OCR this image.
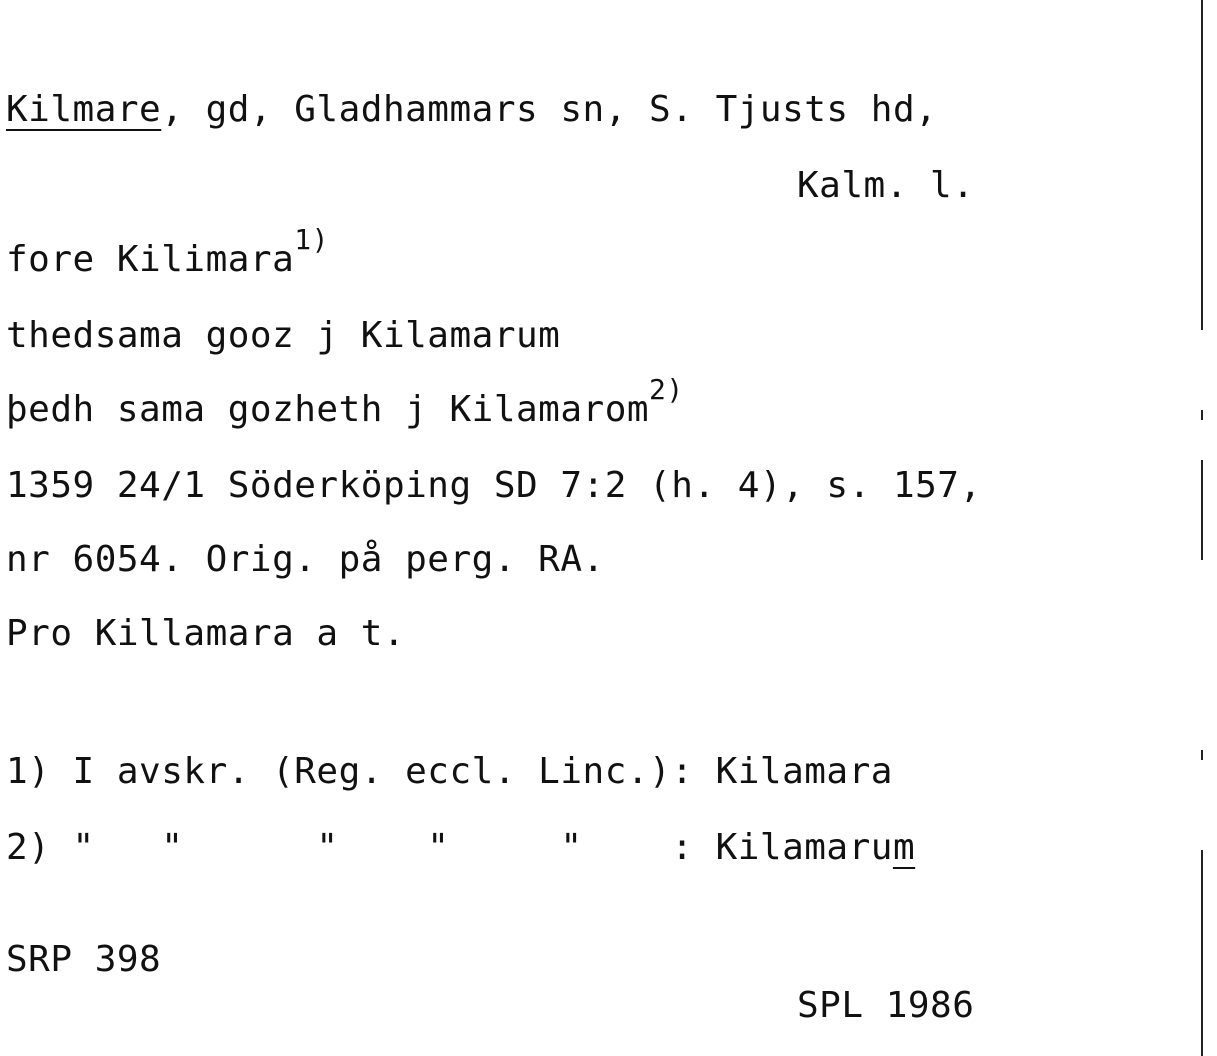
Kilmare, gd, Gladhammars sn, S. Tjusts hd,
Kalm. l.
fore Kilimara$^{1)}$
thedsama gooz j Kilamarum
þedh sama gozheth j Kilamarom$^{2)}$
1359 24/1 Söderköping SD 7:2 (h. 4), s. 157,
nr 6054. Orig. på perg. RA.
Pro Killamara a t.
1) I avskr. (Reg. eccl. Linc.): Kilamara
2) "   "      "    "     "    : Kilamarum
SRP 398
SPL 1986
